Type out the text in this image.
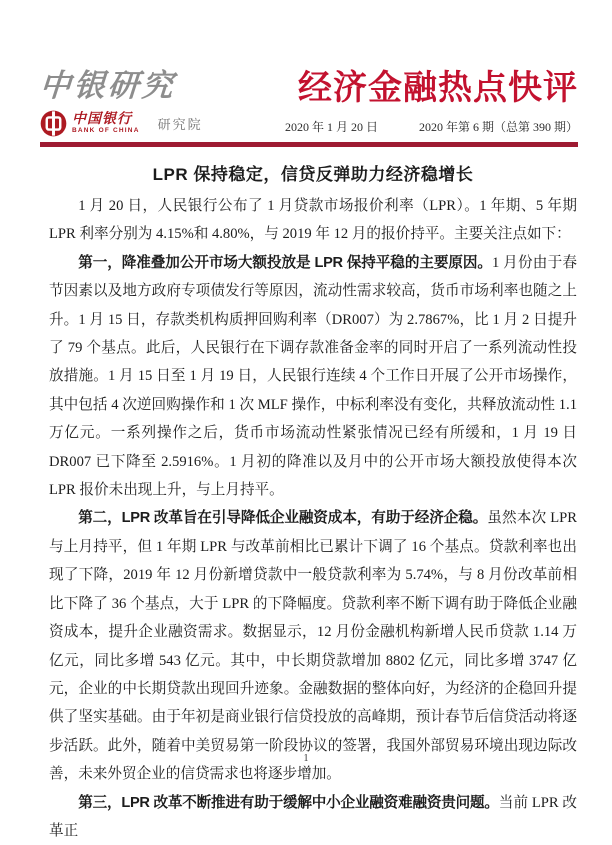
中银研究	经济金融热点快评
中国银行
BANK OF CHINA 研究院	2020 年 1 月 20 日	2020 年第 6 期（总第 390 期）
LPR 保持稳定，信贷反弹助力经济稳增长

1 月 20 日，人民银行公布了 1 月贷款市场报价利率（LPR）。1 年期、5 年期 LPR 利率分别为 4.15%和 4.80%，与 2019 年 12 月的报价持平。主要关注点如下：

第一，降准叠加公开市场大额投放是 LPR 保持平稳的主要原因。1 月份由于春节因素以及地方政府专项债发行等原因，流动性需求较高，货币市场利率也随之上升。1 月 15 日，存款类机构质押回购利率（DR007）为 2.7867%，比 1 月 2 日提升了 79 个基点。此后，人民银行在下调存款准备金率的同时开启了一系列流动性投放措施。1 月 15 日至 1 月 19 日，人民银行连续 4 个工作日开展了公开市场操作，其中包括 4 次逆回购操作和 1 次 MLF 操作，中标利率没有变化，共释放流动性 1.1 万亿元。一系列操作之后，货币市场流动性紧张情况已经有所缓和，1 月 19 日 DR007 已下降至 2.5916%。1 月初的降准以及月中的公开市场大额投放使得本次 LPR 报价未出现上升，与上月持平。

第二，LPR 改革旨在引导降低企业融资成本，有助于经济企稳。虽然本次 LPR 与上月持平，但 1 年期 LPR 与改革前相比已累计下调了 16 个基点。贷款利率也出现了下降，2019 年 12 月份新增贷款中一般贷款利率为 5.74%，与 8 月份改革前相比下降了 36 个基点，大于 LPR 的下降幅度。贷款利率不断下调有助于降低企业融资成本，提升企业融资需求。数据显示，12 月份金融机构新增人民币贷款 1.14 万亿元，同比多增 543 亿元。其中，中长期贷款增加 8802 亿元，同比多增 3747 亿元，企业的中长期贷款出现回升迹象。金融数据的整体向好，为经济的企稳回升提供了坚实基础。由于年初是商业银行信贷投放的高峰期，预计春节后信贷活动将逐步活跃。此外，随着中美贸易第一阶段协议的签署，我国外部贸易环境出现边际改善，未来外贸企业的信贷需求也将逐步增加。

第三，LPR 改革不断推进有助于缓解中小企业融资难融资贵问题。当前 LPR 改革正

1
